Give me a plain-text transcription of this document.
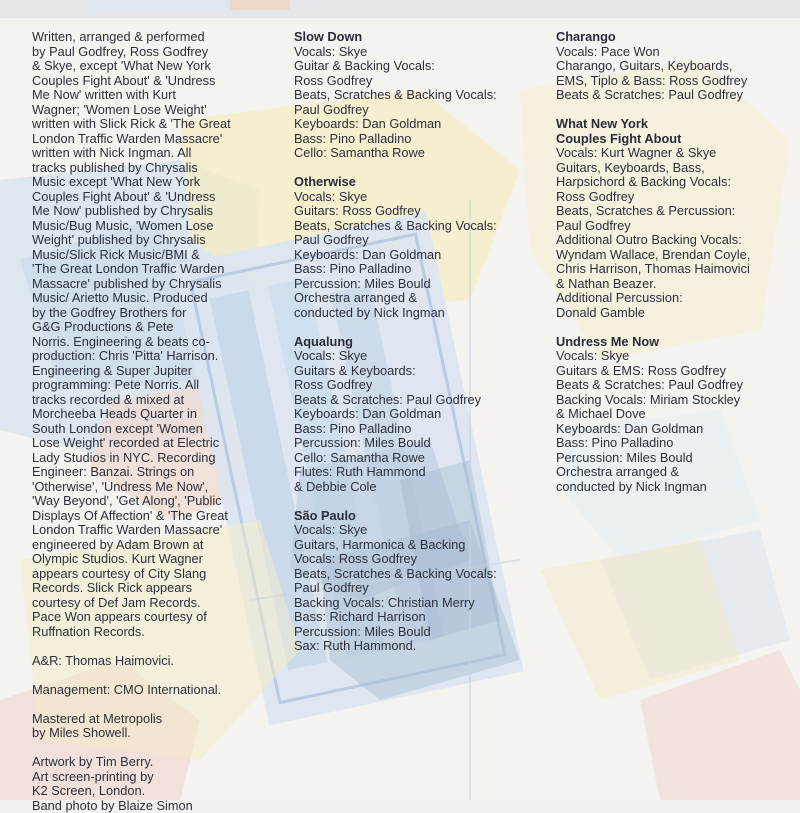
Written, arranged & performed
by Paul Godfrey, Ross Godfrey
& Skye, except 'What New York
Couples Fight About' & 'Undress
Me Now' written with Kurt
Wagner; 'Women Lose Weight'
written with Slick Rick & 'The Great
London Traffic Warden Massacre'
written with Nick Ingman. All
tracks published by Chrysalis
Music except 'What New York
Couples Fight About' & 'Undress
Me Now' published by Chrysalis
Music/Bug Music, 'Women Lose
Weight' published by Chrysalis
Music/Slick Rick Music/BMI &
'The Great London Traffic Warden
Massacre' published by Chrysalis
Music/ Arietto Music. Produced
by the Godfrey Brothers for
G&G Productions & Pete
Norris. Engineering & beats co-
production: Chris 'Pitta' Harrison.
Engineering & Super Jupiter
programming: Pete Norris. All
tracks recorded & mixed at
Morcheeba Heads Quarter in
South London except 'Women
Lose Weight' recorded at Electric
Lady Studios in NYC. Recording
Engineer: Banzai. Strings on
'Otherwise', 'Undress Me Now',
'Way Beyond', 'Get Along', 'Public
Displays Of Affection' & 'The Great
London Traffic Warden Massacre'
engineered by Adam Brown at
Olympic Studios. Kurt Wagner
appears courtesy of City Slang
Records. Slick Rick appears
courtesy of Def Jam Records.
Pace Won appears courtesy of
Ruffnation Records.
A&R: Thomas Haimovici.
Management: CMO International.
Mastered at Metropolis
by Miles Showell.
Artwork by Tim Berry.
Art screen-printing by
K2 Screen, London.
Band photo by Blaize Simon
Slow Down
Vocals: Skye
Guitar & Backing Vocals:
Ross Godfrey
Beats, Scratches & Backing Vocals:
Paul Godfrey
Keyboards: Dan Goldman
Bass: Pino Palladino
Cello: Samantha Rowe
Otherwise
Vocals: Skye
Guitars: Ross Godfrey
Beats, Scratches & Backing Vocals:
Paul Godfrey
Keyboards: Dan Goldman
Bass: Pino Palladino
Percussion: Miles Bould
Orchestra arranged &
conducted by Nick Ingman
Aqualung
Vocals: Skye
Guitars & Keyboards:
Ross Godfrey
Beats & Scratches: Paul Godfrey
Keyboards: Dan Goldman
Bass: Pino Palladino
Percussion: Miles Bould
Cello: Samantha Rowe
Flutes: Ruth Hammond
& Debbie Cole
São Paulo
Vocals: Skye
Guitars, Harmonica & Backing
Vocals: Ross Godfrey
Beats, Scratches & Backing Vocals:
Paul Godfrey
Backing Vocals: Christian Merry
Bass: Richard Harrison
Percussion: Miles Bould
Sax: Ruth Hammond.
Charango
Vocals: Pace Won
Charango, Guitars, Keyboards,
EMS, Tiplo & Bass: Ross Godfrey
Beats & Scratches: Paul Godfrey
What New York
Couples Fight About
Vocals: Kurt Wagner & Skye
Guitars, Keyboards, Bass,
Harpsichord & Backing Vocals:
Ross Godfrey
Beats, Scratches & Percussion:
Paul Godfrey
Additional Outro Backing Vocals:
Wyndam Wallace, Brendan Coyle,
Chris Harrison, Thomas Haimovici
& Nathan Beazer.
Additional Percussion:
Donald Gamble
Undress Me Now
Vocals: Skye
Guitars & EMS: Ross Godfrey
Beats & Scratches: Paul Godfrey
Backing Vocals: Miriam Stockley
& Michael Dove
Keyboards: Dan Goldman
Bass: Pino Palladino
Percussion: Miles Bould
Orchestra arranged &
conducted by Nick Ingman
